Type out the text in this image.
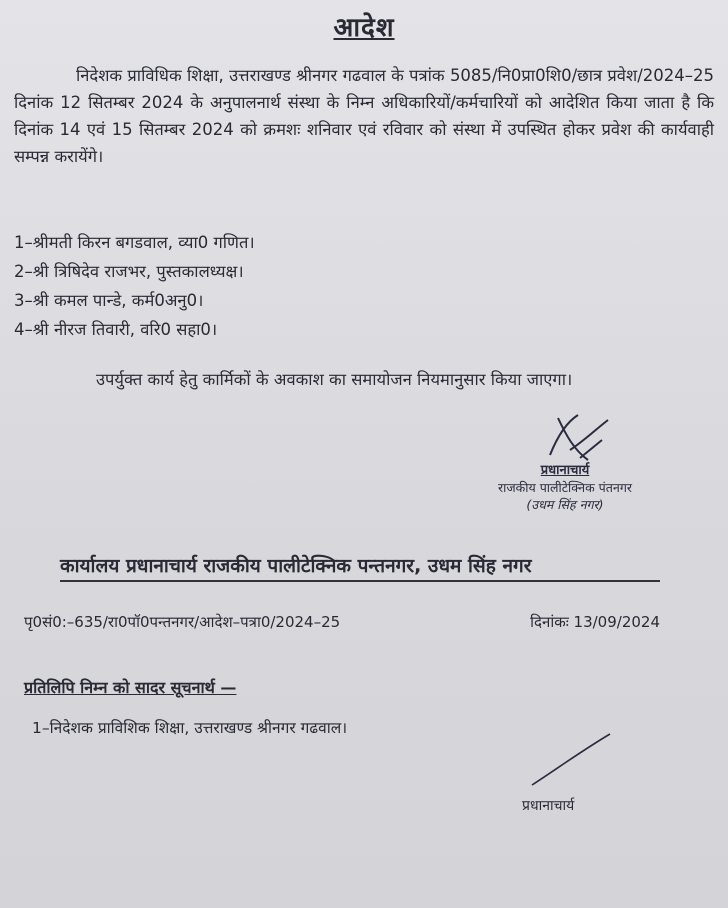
आदेश
निदेशक प्राविधिक शिक्षा, उत्तराखण्ड श्रीनगर गढवाल के पत्रांक 5085/नि0प्रा0शि0/छात्र प्रवेश/2024–25 दिनांक 12 सितम्बर 2024 के अनुपालनार्थ संस्था के निम्न अधिकारियों/कर्मचारियों को आदेशित किया जाता है कि दिनांक 14 एवं 15 सितम्बर 2024 को क्रमशः शनिवार एवं रविवार को संस्था में उपस्थित होकर प्रवेश की कार्यवाही सम्पन्न करायेंगे।
1–श्रीमती किरन बगडवाल, व्या0 गणित।
2–श्री त्रिषिदेव राजभर, पुस्तकालध्यक्ष।
3–श्री कमल पान्डे, कर्म0अनु0।
4–श्री नीरज तिवारी, वरि0 सहा0।
उपर्युक्त कार्य हेतु कार्मिकों के अवकाश का समायोजन नियमानुसार किया जाएगा।
प्रधानाचार्य
राजकीय पालीटेक्निक पंतनगर
(उधम सिंह नगर)
कार्यालय प्रधानाचार्य राजकीय पालीटेक्निक पन्तनगर, उधम सिंह नगर
पृ0सं0:–635/रा0पॉ0पन्तनगर/आदेश–पत्रा0/2024–25	दिनांकः 13/09/2024
प्रतिलिपि निम्न को सादर सूचनार्थ —
1–निदेशक प्राविशिक शिक्षा, उत्तराखण्ड श्रीनगर गढवाल।
प्रधानाचार्य
